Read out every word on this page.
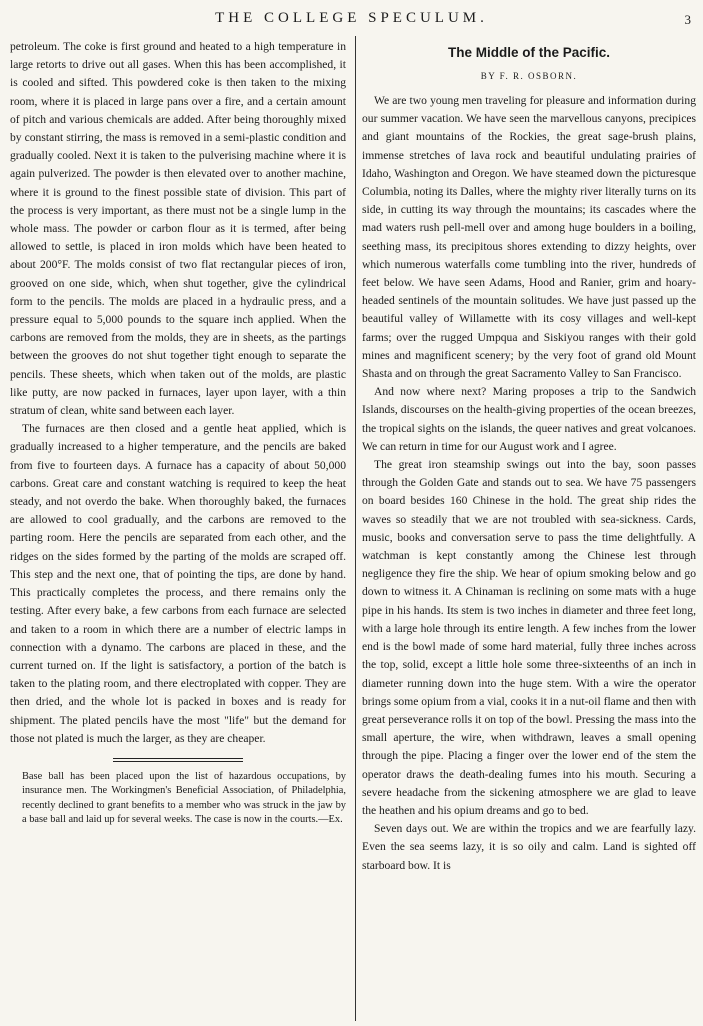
THE COLLEGE SPECULUM.	3

petroleum. The coke is first ground and heated to a high temperature in large retorts to drive out all gases. When this has been accomplished, it is cooled and sifted. This powdered coke is then taken to the mixing room, where it is placed in large pans over a fire, and a certain amount of pitch and various chemicals are added. After being thoroughly mixed by constant stirring, the mass is removed in a semi-plastic condition and gradually cooled. Next it is taken to the pulverising machine where it is again pulverized. The powder is then elevated over to another machine, where it is ground to the finest possible state of division. This part of the process is very important, as there must not be a single lump in the whole mass. The powder or carbon flour as it is termed, after being allowed to settle, is placed in iron molds which have been heated to about 200°F. The molds consist of two flat rectangular pieces of iron, grooved on one side, which, when shut together, give the cylindrical form to the pencils. The molds are placed in a hydraulic press, and a pressure equal to 5,000 pounds to the square inch applied. When the carbons are removed from the molds, they are in sheets, as the partings between the grooves do not shut together tight enough to separate the pencils. These sheets, which when taken out of the molds, are plastic like putty, are now packed in furnaces, layer upon layer, with a thin stratum of clean, white sand between each layer.

The furnaces are then closed and a gentle heat applied, which is gradually increased to a higher temperature, and the pencils are baked from five to fourteen days. A furnace has a capacity of about 50,000 carbons. Great care and constant watching is required to keep the heat steady, and not overdo the bake. When thoroughly baked, the furnaces are allowed to cool gradually, and the carbons are removed to the parting room. Here the pencils are separated from each other, and the ridges on the sides formed by the parting of the molds are scraped off. This step and the next one, that of pointing the tips, are done by hand. This practically completes the process, and there remains only the testing. After every bake, a few carbons from each furnace are selected and taken to a room in which there are a number of electric lamps in connection with a dynamo. The carbons are placed in these, and the current turned on. If the light is satisfactory, a portion of the batch is taken to the plating room, and there electroplated with copper. They are then dried, and the whole lot is packed in boxes and is ready for shipment. The plated pencils have the most "life" but the demand for those not plated is much the larger, as they are cheaper.

Base ball has been placed upon the list of hazardous occupations, by insurance men. The Workingmen's Beneficial Association, of Philadelphia, recently declined to grant benefits to a member who was struck in the jaw by a base ball and laid up for several weeks. The case is now in the courts.—Ex.

The Middle of the Pacific.
BY F. R. OSBORN.

We are two young men traveling for pleasure and information during our summer vacation. We have seen the marvellous canyons, precipices and giant mountains of the Rockies, the great sage-brush plains, immense stretches of lava rock and beautiful undulating prairies of Idaho, Washington and Oregon. We have steamed down the picturesque Columbia, noting its Dalles, where the mighty river literally turns on its side, in cutting its way through the mountains; its cascades where the mad waters rush pell-mell over and among huge boulders in a boiling, seething mass, its precipitous shores extending to dizzy heights, over which numerous waterfalls come tumbling into the river, hundreds of feet below. We have seen Adams, Hood and Ranier, grim and hoary-headed sentinels of the mountain solitudes. We have just passed up the beautiful valley of Willamette with its cosy villages and well-kept farms; over the rugged Umpqua and Siskiyou ranges with their gold mines and magnificent scenery; by the very foot of grand old Mount Shasta and on through the great Sacramento Valley to San Francisco.

And now where next? Maring proposes a trip to the Sandwich Islands, discourses on the health-giving properties of the ocean breezes, the tropical sights on the islands, the queer natives and great volcanoes. We can return in time for our August work and I agree.

The great iron steamship swings out into the bay, soon passes through the Golden Gate and stands out to sea. We have 75 passengers on board besides 160 Chinese in the hold. The great ship rides the waves so steadily that we are not troubled with sea-sickness. Cards, music, books and conversation serve to pass the time delightfully. A watchman is kept constantly among the Chinese lest through negligence they fire the ship. We hear of opium smoking below and go down to witness it. A Chinaman is reclining on some mats with a huge pipe in his hands. Its stem is two inches in diameter and three feet long, with a large hole through its entire length. A few inches from the lower end is the bowl made of some hard material, fully three inches across the top, solid, except a little hole some three-sixteenths of an inch in diameter running down into the huge stem. With a wire the operator brings some opium from a vial, cooks it in a nut-oil flame and then with great perseverance rolls it on top of the bowl. Pressing the mass into the small aperture, the wire, when withdrawn, leaves a small opening through the pipe. Placing a finger over the lower end of the stem the operator draws the death-dealing fumes into his mouth. Securing a severe headache from the sickening atmosphere we are glad to leave the heathen and his opium dreams and go to bed.

Seven days out. We are within the tropics and we are fearfully lazy. Even the sea seems lazy, it is so oily and calm. Land is sighted off starboard bow. It is
